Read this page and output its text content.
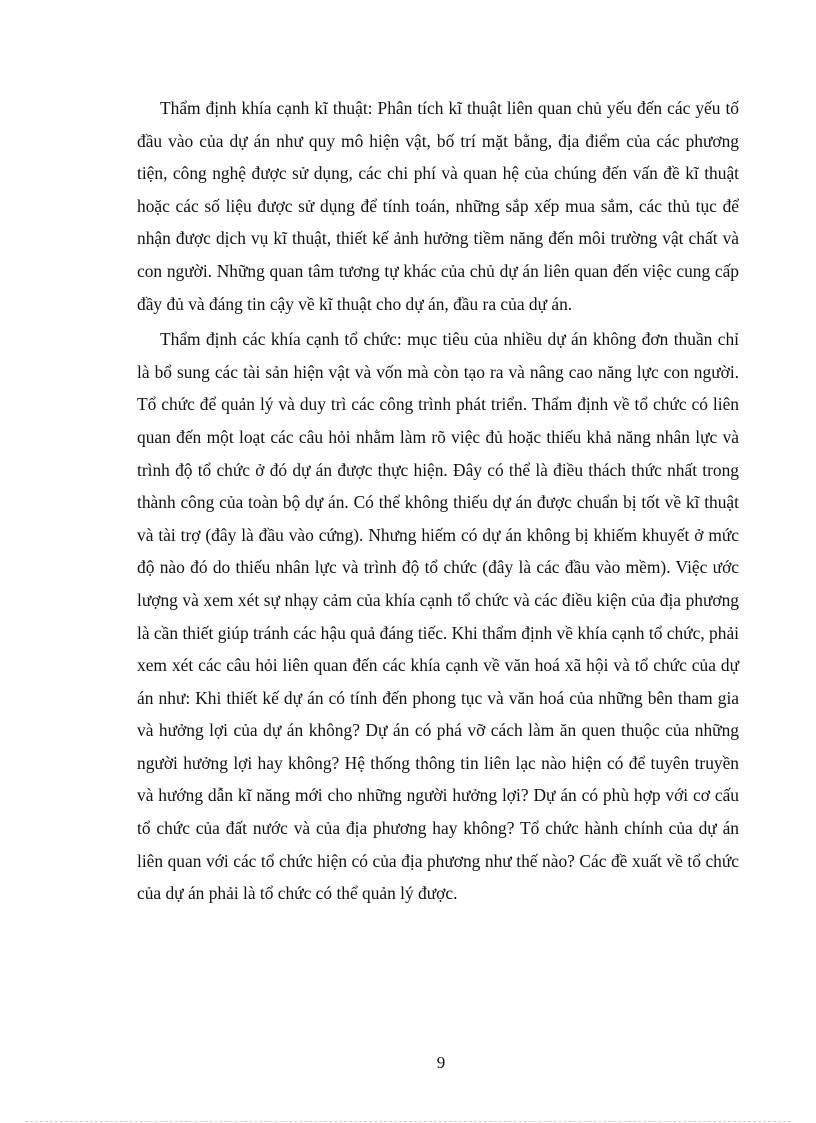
Thẩm định khía cạnh kĩ thuật: Phân tích kĩ thuật liên quan chủ yếu đến các yếu tố đầu vào của dự án như quy mô hiện vật, bố trí mặt bằng, địa điểm của các phương tiện, công nghệ được sử dụng, các chi phí và quan hệ của chúng đến vấn đề kĩ thuật hoặc các số liệu được sử dụng để tính toán, những sắp xếp mua sắm, các thủ tục để nhận được dịch vụ kĩ thuật, thiết kế ảnh hưởng tiềm năng đến môi trường vật chất và con người. Những quan tâm tương tự khác của chủ dự án liên quan đến việc cung cấp đầy đủ và đáng tin cậy về kĩ thuật cho dự án, đầu ra của dự án.

Thẩm định các khía cạnh tổ chức: mục tiêu của nhiều dự án không đơn thuần chỉ là bổ sung các tài sản hiện vật và vốn mà còn tạo ra và nâng cao năng lực con người. Tổ chức để quản lý và duy trì các công trình phát triển. Thẩm định về tổ chức có liên quan đến một loạt các câu hỏi nhằm làm rõ việc đủ hoặc thiếu khả năng nhân lực và trình độ tổ chức ở đó dự án được thực hiện. Đây có thể là điều thách thức nhất trong thành công của toàn bộ dự án. Có thể không thiếu dự án được chuẩn bị tốt về kĩ thuật và tài trợ (đây là đầu vào cứng). Nhưng hiếm có dự án không bị khiếm khuyết ở mức độ nào đó do thiếu nhân lực và trình độ tổ chức (đây là các đầu vào mềm). Việc ước lượng và xem xét sự nhạy cảm của khía cạnh tổ chức và các điều kiện của địa phương là cần thiết giúp tránh các hậu quả đáng tiếc. Khi thẩm định về khía cạnh tổ chức, phải xem xét các câu hỏi liên quan đến các khía cạnh về văn hoá xã hội và tổ chức của dự án như: Khi thiết kế dự án có tính đến phong tục và văn hoá của những bên tham gia và hưởng lợi của dự án không? Dự án có phá vỡ cách làm ăn quen thuộc của những người hưởng lợi hay không? Hệ thống thông tin liên lạc nào hiện có để tuyên truyền và hướng dẫn kĩ năng mới cho những người hưởng lợi? Dự án có phù hợp với cơ cấu tổ chức của đất nước và của địa phương hay không? Tổ chức hành chính của dự án liên quan với các tổ chức hiện có của địa phương như thế nào? Các đề xuất về tổ chức của dự án phải là tổ chức có thể quản lý được.

9
